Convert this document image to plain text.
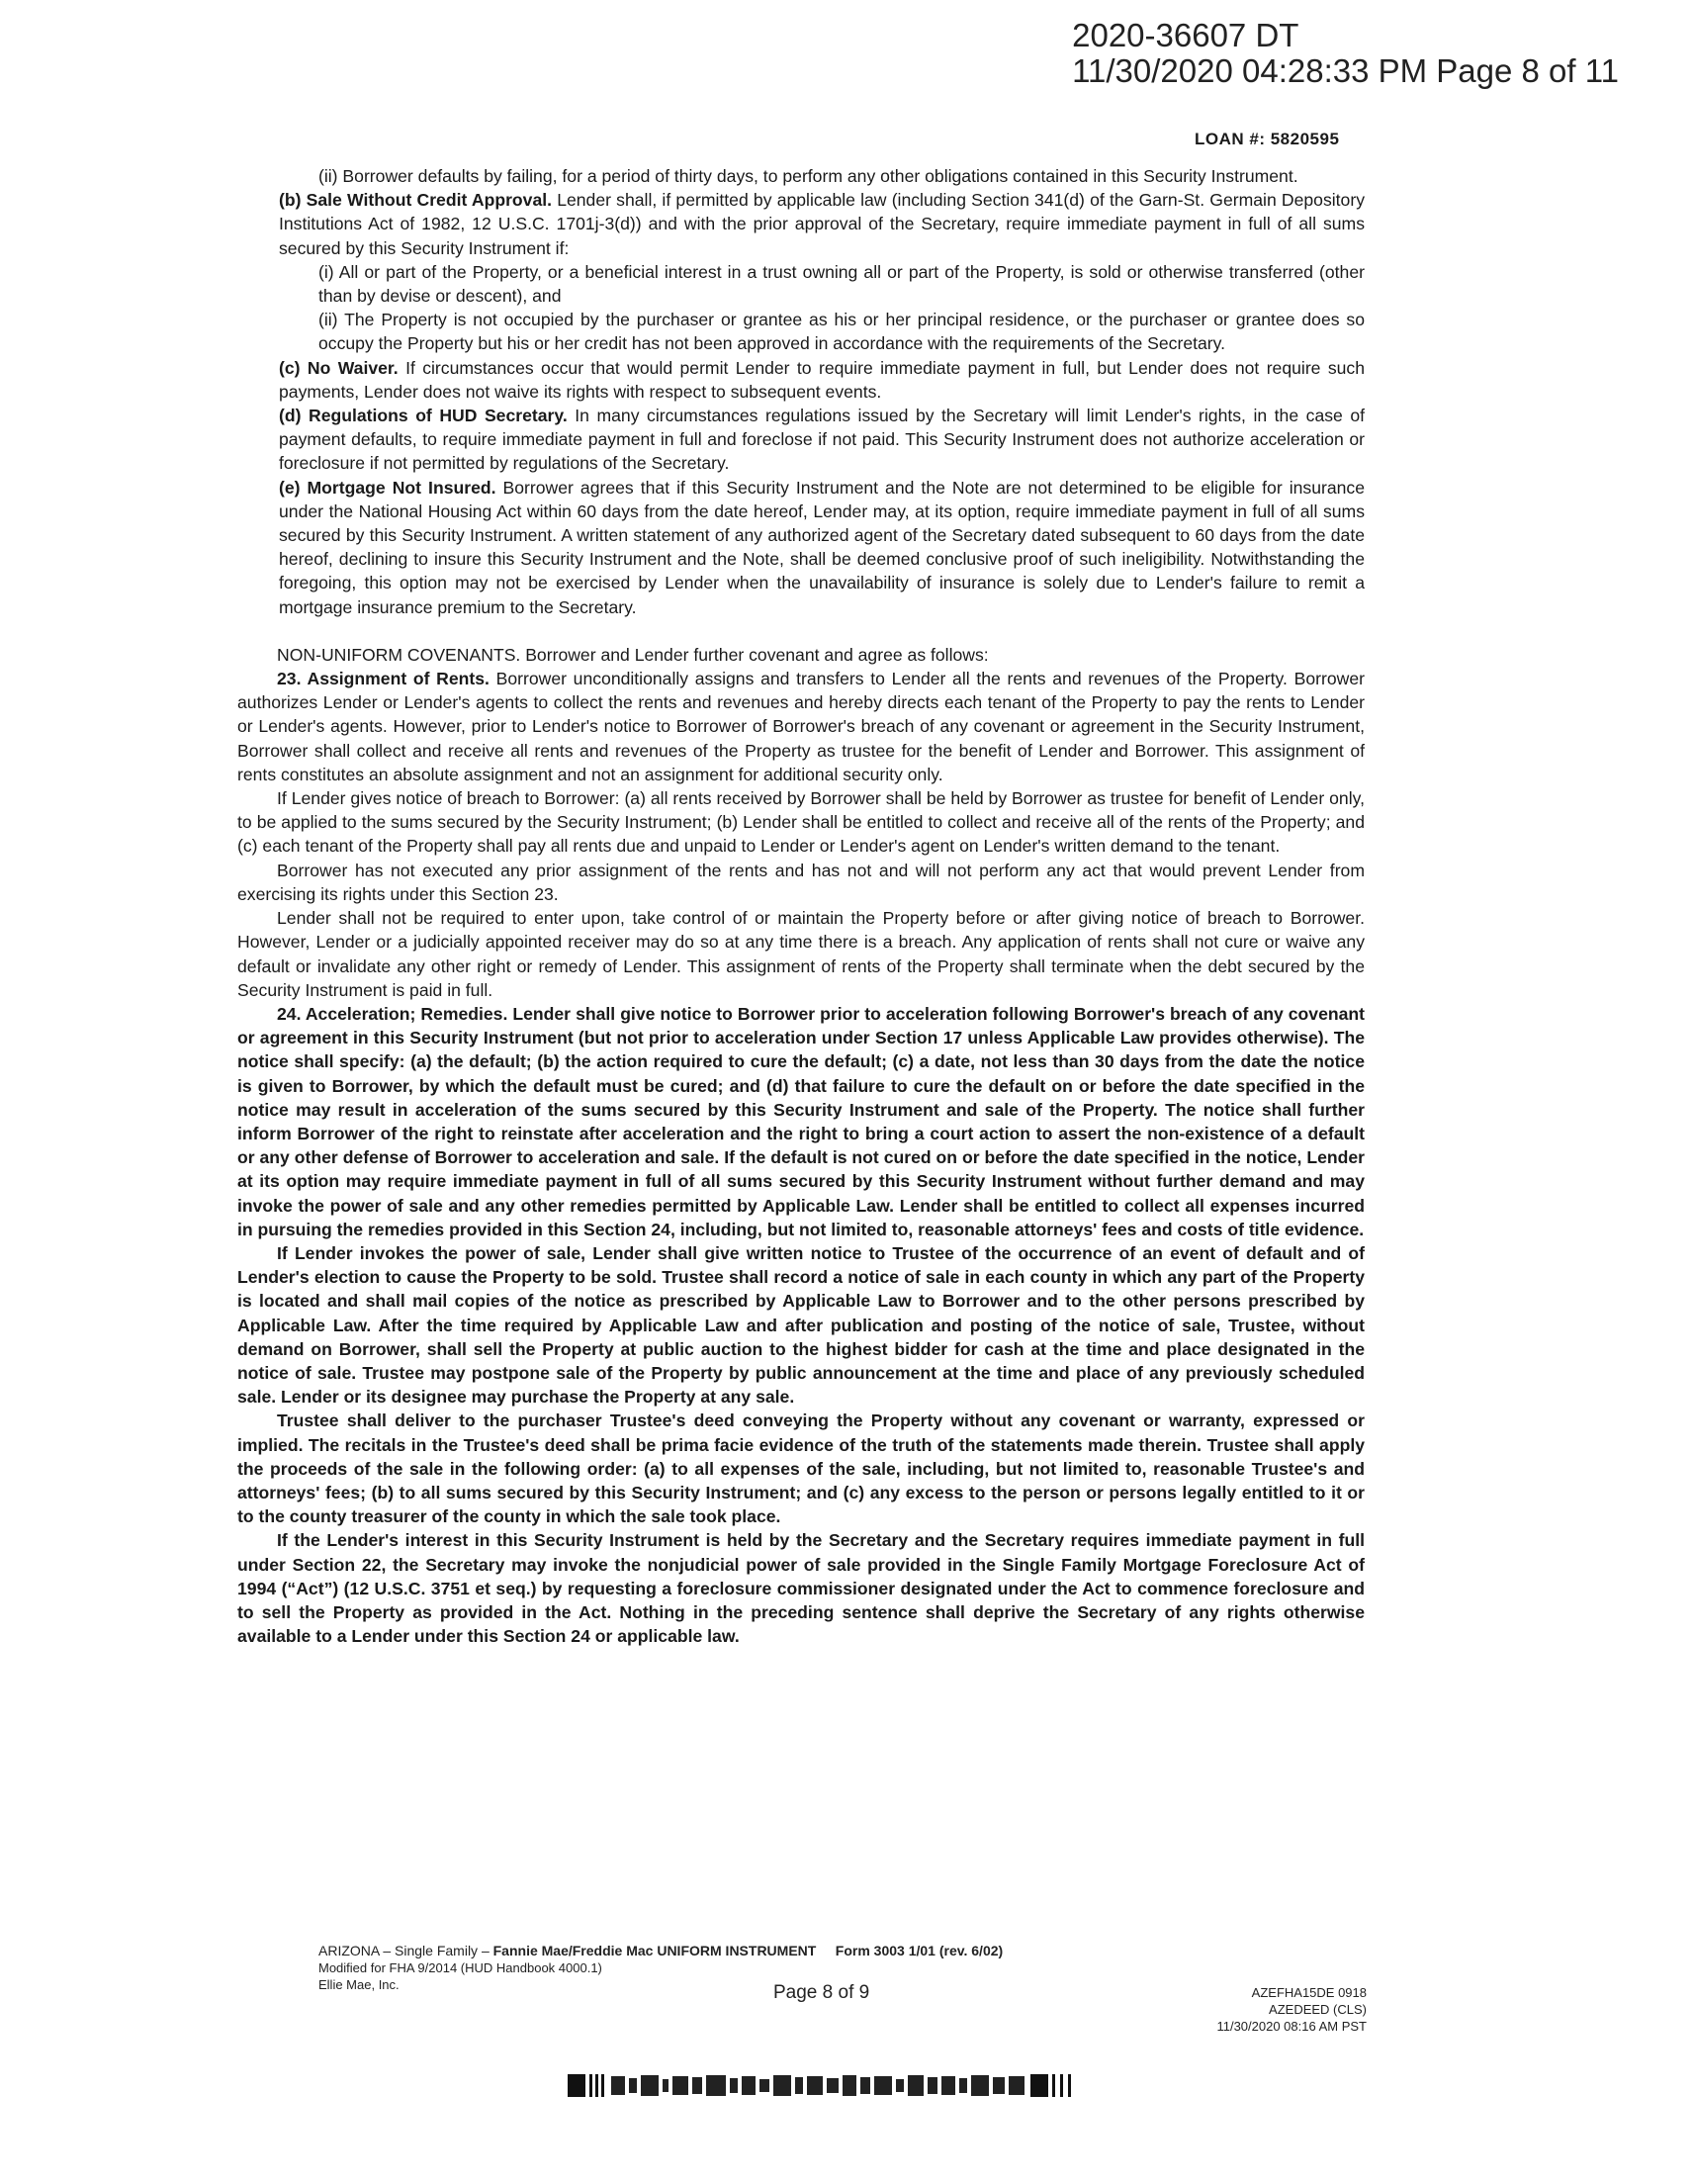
2020-36607 DT
11/30/2020 04:28:33 PM Page 8 of 11
LOAN #: 5820595

(ii) Borrower defaults by failing, for a period of thirty days, to perform any other obligations contained in this Security Instrument.

(b) Sale Without Credit Approval. Lender shall, if permitted by applicable law (including Section 341(d) of the Garn-St. Germain Depository Institutions Act of 1982, 12 U.S.C. 1701j-3(d)) and with the prior approval of the Secretary, require immediate payment in full of all sums secured by this Security Instrument if:

(i) All or part of the Property, or a beneficial interest in a trust owning all or part of the Property, is sold or otherwise transferred (other than by devise or descent), and

(ii) The Property is not occupied by the purchaser or grantee as his or her principal residence, or the purchaser or grantee does so occupy the Property but his or her credit has not been approved in accordance with the requirements of the Secretary.

(c) No Waiver. If circumstances occur that would permit Lender to require immediate payment in full, but Lender does not require such payments, Lender does not waive its rights with respect to subsequent events.

(d) Regulations of HUD Secretary. In many circumstances regulations issued by the Secretary will limit Lender's rights, in the case of payment defaults, to require immediate payment in full and foreclose if not paid. This Security Instrument does not authorize acceleration or foreclosure if not permitted by regulations of the Secretary.

(e) Mortgage Not Insured. Borrower agrees that if this Security Instrument and the Note are not determined to be eligible for insurance under the National Housing Act within 60 days from the date hereof, Lender may, at its option, require immediate payment in full of all sums secured by this Security Instrument. A written statement of any authorized agent of the Secretary dated subsequent to 60 days from the date hereof, declining to insure this Security Instrument and the Note, shall be deemed conclusive proof of such ineligibility. Notwithstanding the foregoing, this option may not be exercised by Lender when the unavailability of insurance is solely due to Lender's failure to remit a mortgage insurance premium to the Secretary.

NON-UNIFORM COVENANTS. Borrower and Lender further covenant and agree as follows:

23. Assignment of Rents. Borrower unconditionally assigns and transfers to Lender all the rents and revenues of the Property. Borrower authorizes Lender or Lender's agents to collect the rents and revenues and hereby directs each tenant of the Property to pay the rents to Lender or Lender's agents. However, prior to Lender's notice to Borrower of Borrower's breach of any covenant or agreement in the Security Instrument, Borrower shall collect and receive all rents and revenues of the Property as trustee for the benefit of Lender and Borrower. This assignment of rents constitutes an absolute assignment and not an assignment for additional security only.

If Lender gives notice of breach to Borrower: (a) all rents received by Borrower shall be held by Borrower as trustee for benefit of Lender only, to be applied to the sums secured by the Security Instrument; (b) Lender shall be entitled to collect and receive all of the rents of the Property; and (c) each tenant of the Property shall pay all rents due and unpaid to Lender or Lender's agent on Lender's written demand to the tenant.

Borrower has not executed any prior assignment of the rents and has not and will not perform any act that would prevent Lender from exercising its rights under this Section 23.

Lender shall not be required to enter upon, take control of or maintain the Property before or after giving notice of breach to Borrower. However, Lender or a judicially appointed receiver may do so at any time there is a breach. Any application of rents shall not cure or waive any default or invalidate any other right or remedy of Lender. This assignment of rents of the Property shall terminate when the debt secured by the Security Instrument is paid in full.

24. Acceleration; Remedies. Lender shall give notice to Borrower prior to acceleration following Borrower's breach of any covenant or agreement in this Security Instrument (but not prior to acceleration under Section 17 unless Applicable Law provides otherwise). The notice shall specify: (a) the default; (b) the action required to cure the default; (c) a date, not less than 30 days from the date the notice is given to Borrower, by which the default must be cured; and (d) that failure to cure the default on or before the date specified in the notice may result in acceleration of the sums secured by this Security Instrument and sale of the Property. The notice shall further inform Borrower of the right to reinstate after acceleration and the right to bring a court action to assert the non-existence of a default or any other defense of Borrower to acceleration and sale. If the default is not cured on or before the date specified in the notice, Lender at its option may require immediate payment in full of all sums secured by this Security Instrument without further demand and may invoke the power of sale and any other remedies permitted by Applicable Law. Lender shall be entitled to collect all expenses incurred in pursuing the remedies provided in this Section 24, including, but not limited to, reasonable attorneys' fees and costs of title evidence.

If Lender invokes the power of sale, Lender shall give written notice to Trustee of the occurrence of an event of default and of Lender's election to cause the Property to be sold. Trustee shall record a notice of sale in each county in which any part of the Property is located and shall mail copies of the notice as prescribed by Applicable Law to Borrower and to the other persons prescribed by Applicable Law. After the time required by Applicable Law and after publication and posting of the notice of sale, Trustee, without demand on Borrower, shall sell the Property at public auction to the highest bidder for cash at the time and place designated in the notice of sale. Trustee may postpone sale of the Property by public announcement at the time and place of any previously scheduled sale. Lender or its designee may purchase the Property at any sale.

Trustee shall deliver to the purchaser Trustee's deed conveying the Property without any covenant or warranty, expressed or implied. The recitals in the Trustee's deed shall be prima facie evidence of the truth of the statements made therein. Trustee shall apply the proceeds of the sale in the following order: (a) to all expenses of the sale, including, but not limited to, reasonable Trustee's and attorneys' fees; (b) to all sums secured by this Security Instrument; and (c) any excess to the person or persons legally entitled to it or to the county treasurer of the county in which the sale took place.

If the Lender's interest in this Security Instrument is held by the Secretary and the Secretary requires immediate payment in full under Section 22, the Secretary may invoke the nonjudicial power of sale provided in the Single Family Mortgage Foreclosure Act of 1994 (“Act”) (12 U.S.C. 3751 et seq.) by requesting a foreclosure commissioner designated under the Act to commence foreclosure and to sell the Property as provided in the Act. Nothing in the preceding sentence shall deprive the Secretary of any rights otherwise available to a Lender under this Section 24 or applicable law.

ARIZONA – Single Family – Fannie Mae/Freddie Mac UNIFORM INSTRUMENT Form 3003 1/01 (rev. 6/02)
Modified for FHA 9/2014 (HUD Handbook 4000.1)
Ellie Mae, Inc.	Page 8 of 9	AZEFHA15DE 0918
AZEDEED (CLS)
11/30/2020 08:16 AM PST
